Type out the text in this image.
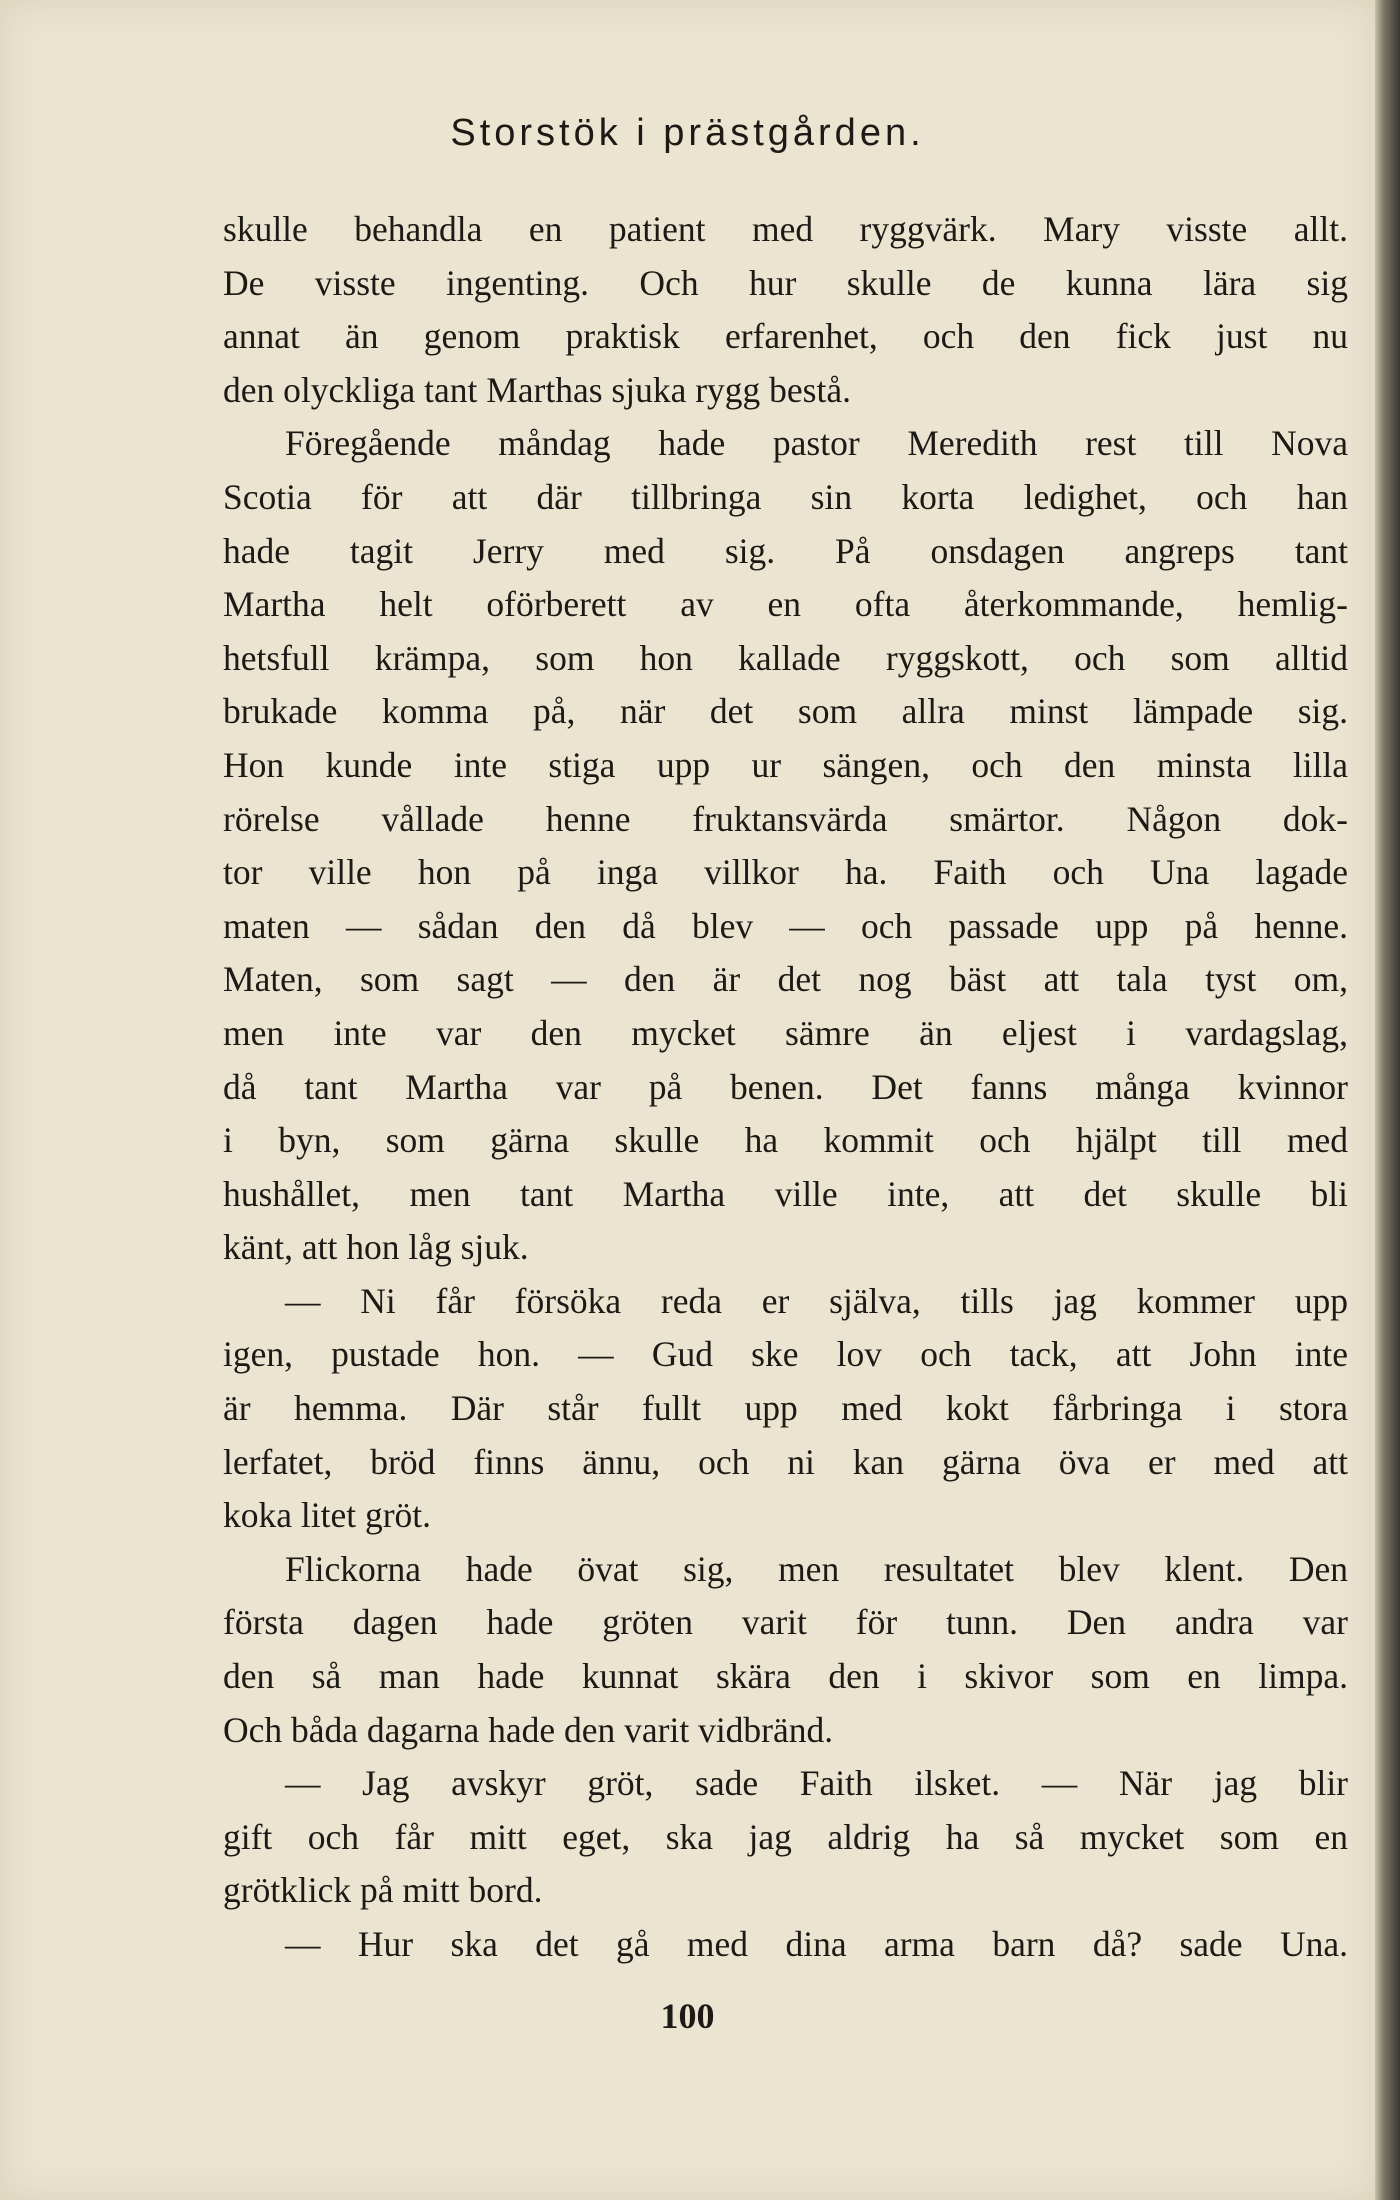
Storstök i prästgården.
skulle behandla en patient med ryggvärk. Mary visste allt.
De visste ingenting. Och hur skulle de kunna lära sig
annat än genom praktisk erfarenhet, och den fick just nu
den olyckliga tant Marthas sjuka rygg bestå.
Föregående måndag hade pastor Meredith rest till Nova
Scotia för att där tillbringa sin korta ledighet, och han
hade tagit Jerry med sig. På onsdagen angreps tant
Martha helt oförberett av en ofta återkommande, hemlig-
hetsfull krämpa, som hon kallade ryggskott, och som alltid
brukade komma på, när det som allra minst lämpade sig.
Hon kunde inte stiga upp ur sängen, och den minsta lilla
rörelse vållade henne fruktansvärda smärtor. Någon dok-
tor ville hon på inga villkor ha. Faith och Una lagade
maten — sådan den då blev — och passade upp på henne.
Maten, som sagt — den är det nog bäst att tala tyst om,
men inte var den mycket sämre än eljest i vardagslag,
då tant Martha var på benen. Det fanns många kvinnor
i byn, som gärna skulle ha kommit och hjälpt till med
hushållet, men tant Martha ville inte, att det skulle bli
känt, att hon låg sjuk.
— Ni får försöka reda er själva, tills jag kommer upp
igen, pustade hon. — Gud ske lov och tack, att John inte
är hemma. Där står fullt upp med kokt fårbringa i stora
lerfatet, bröd finns ännu, och ni kan gärna öva er med att
koka litet gröt.
Flickorna hade övat sig, men resultatet blev klent. Den
första dagen hade gröten varit för tunn. Den andra var
den så man hade kunnat skära den i skivor som en limpa.
Och båda dagarna hade den varit vidbränd.
— Jag avskyr gröt, sade Faith ilsket. — När jag blir
gift och får mitt eget, ska jag aldrig ha så mycket som en
grötklick på mitt bord.
— Hur ska det gå med dina arma barn då? sade Una.
100
